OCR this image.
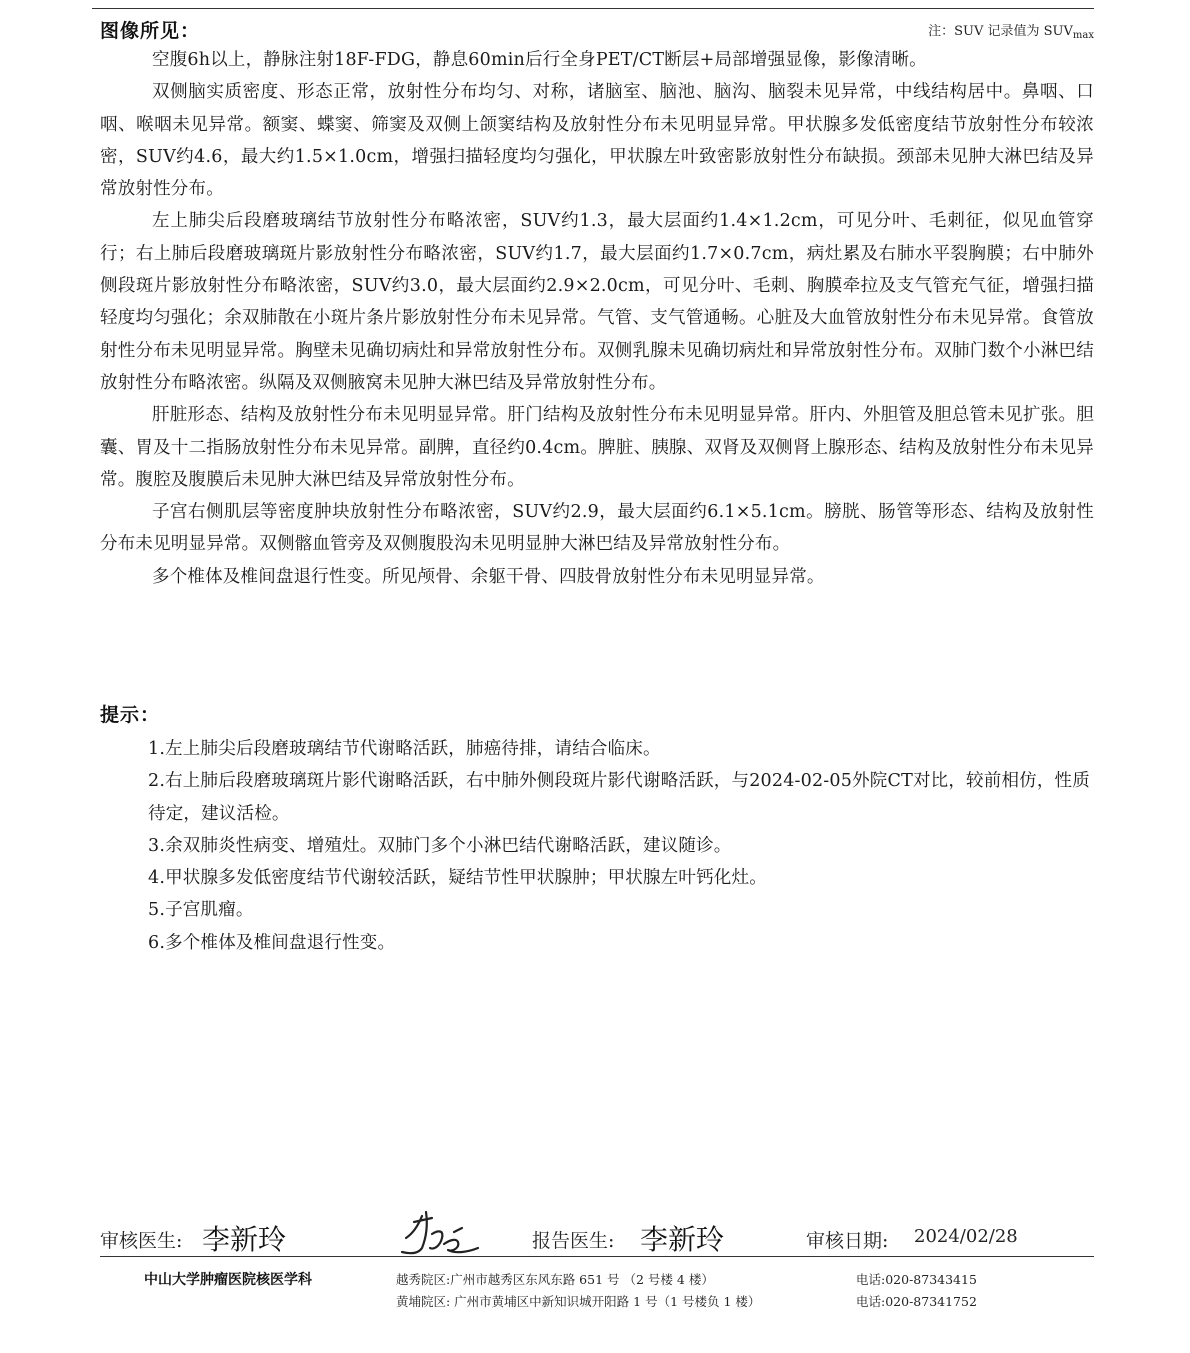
图像所见：	注：SUV 记录值为 $SUV_{max}$

空腹6h以上，静脉注射18F-FDG，静息60min后行全身PET/CT断层+局部增强显像，影像清晰。

双侧脑实质密度、形态正常，放射性分布均匀、对称，诸脑室、脑池、脑沟、脑裂未见异常，中线结构居中。鼻咽、口咽、喉咽未见异常。额窦、蝶窦、筛窦及双侧上颌窦结构及放射性分布未见明显异常。甲状腺多发低密度结节放射性分布较浓密，SUV约4.6，最大约1.5×1.0cm，增强扫描轻度均匀强化，甲状腺左叶致密影放射性分布缺损。颈部未见肿大淋巴结及异常放射性分布。

左上肺尖后段磨玻璃结节放射性分布略浓密，SUV约1.3，最大层面约1.4×1.2cm，可见分叶、毛刺征，似见血管穿行；右上肺后段磨玻璃斑片影放射性分布略浓密，SUV约1.7，最大层面约1.7×0.7cm，病灶累及右肺水平裂胸膜；右中肺外侧段斑片影放射性分布略浓密，SUV约3.0，最大层面约2.9×2.0cm，可见分叶、毛刺、胸膜牵拉及支气管充气征，增强扫描轻度均匀强化；余双肺散在小斑片条片影放射性分布未见异常。气管、支气管通畅。心脏及大血管放射性分布未见异常。食管放射性分布未见明显异常。胸壁未见确切病灶和异常放射性分布。双侧乳腺未见确切病灶和异常放射性分布。双肺门数个小淋巴结放射性分布略浓密。纵隔及双侧腋窝未见肿大淋巴结及异常放射性分布。

肝脏形态、结构及放射性分布未见明显异常。肝门结构及放射性分布未见明显异常。肝内、外胆管及胆总管未见扩张。胆囊、胃及十二指肠放射性分布未见异常。副脾，直径约0.4cm。脾脏、胰腺、双肾及双侧肾上腺形态、结构及放射性分布未见异常。腹腔及腹膜后未见肿大淋巴结及异常放射性分布。

子宫右侧肌层等密度肿块放射性分布略浓密，SUV约2.9，最大层面约6.1×5.1cm。膀胱、肠管等形态、结构及放射性分布未见明显异常。双侧髂血管旁及双侧腹股沟未见明显肿大淋巴结及异常放射性分布。

多个椎体及椎间盘退行性变。所见颅骨、余躯干骨、四肢骨放射性分布未见明显异常。

提示：
1.左上肺尖后段磨玻璃结节代谢略活跃，肺癌待排，请结合临床。
2.右上肺后段磨玻璃斑片影代谢略活跃，右中肺外侧段斑片影代谢略活跃，与2024-02-05外院CT对比，较前相仿，性质待定，建议活检。
3.余双肺炎性病变、增殖灶。双肺门多个小淋巴结代谢略活跃，建议随诊。
4.甲状腺多发低密度结节代谢较活跃，疑结节性甲状腺肿；甲状腺左叶钙化灶。
5.子宫肌瘤。
6.多个椎体及椎间盘退行性变。
审核医生: 李新玲	报告医生: 李新玲	审核日期: 2024/02/28
中山大学肿瘤医院核医学科	越秀院区:广州市越秀区东风东路 651 号 （2 号楼 4 楼）	电话:020-87343415
黄埔院区: 广州市黄埔区中新知识城开阳路 1 号（1 号楼负 1 楼）	电话:020-87341752
